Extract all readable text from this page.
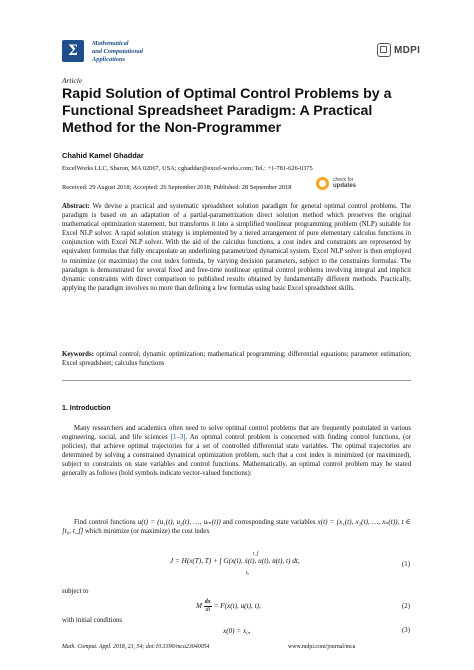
Σ	Mathematical
and Computational
Applications
MDPI
Article
Rapid Solution of Optimal Control Problems by a Functional Spreadsheet Paradigm: A Practical Method for the Non-Programmer
Chahid Kamel Ghaddar
ExcelWorks LLC, Sharon, MA 02067, USA; cghaddar@excel-works.com; Tel.: +1-781-626-0375
Received: 29 August 2018; Accepted: 26 September 2018; Published: 28 September 2018
check for
updates
Abstract: We devise a practical and systematic spreadsheet solution paradigm for general optimal control problems. The paradigm is based on an adaptation of a partial-parametrization direct solution method which preserves the original mathematical optimization statement, but transforms it into a simplified nonlinear programming problem (NLP) suitable for Excel NLP solver. A rapid solution strategy is implemented by a tiered arrangement of pure elementary calculus functions in conjunction with Excel NLP solver. With the aid of the calculus functions, a cost index and constraints are represented by equivalent formulas that fully encapsulate an underlining parametrized dynamical system. Excel NLP solver is then employed to minimize (or maximize) the cost index formula, by varying decision parameters, subject to the constraints formulas. The paradigm is demonstrated for several fixed and free-time nonlinear optimal control problems involving integral and implicit dynamic constraints with direct comparison to published results obtained by fundamentally different methods. Practically, applying the paradigm involves no more than defining a few formulas using basic Excel spreadsheet skills.
Keywords: optimal control; dynamic optimization; mathematical programming; differential equations; parameter estimation; Excel spreadsheet; calculus functions
1. Introduction
Many researchers and academics often need to solve optimal control problems that are frequently postulated in various engineering, social, and life sciences [1–3]. An optimal control problem is concerned with finding control functions, (or policies), that achieve optimal trajectories for a set of controlled differential state variables. The optimal trajectories are determined by solving a constrained dynamical optimization problem, such that a cost index is minimized (or maximized), subject to constraints on state variables and control functions. Mathematically, an optimal control problem may be stated generally as follows (bold symbols indicate vector-valued functions):
Find control functions u(t) = (u₁(t), u₂(t), …, uₘ(t)) and corresponding state variables x(t) = (x₁(t), x₂(t), …, xₙ(t)), t ∈ [t₀, t_f] which minimize (or maximize) the cost index
J = H(x(T), T) + ∫ G(x(t), ẋ(t), u(t), u̇(t), t) dt,
t_f
t₀
(1)
subject to
M $\frac{dx}{dt} = F(x(t)$, u(t), t),	(2)
with initial conditions
x(0) = x₀,	(3)
Math. Comput. Appl. 2018, 23, 54; doi:10.3390/mca23040054	www.mdpi.com/journal/mca
